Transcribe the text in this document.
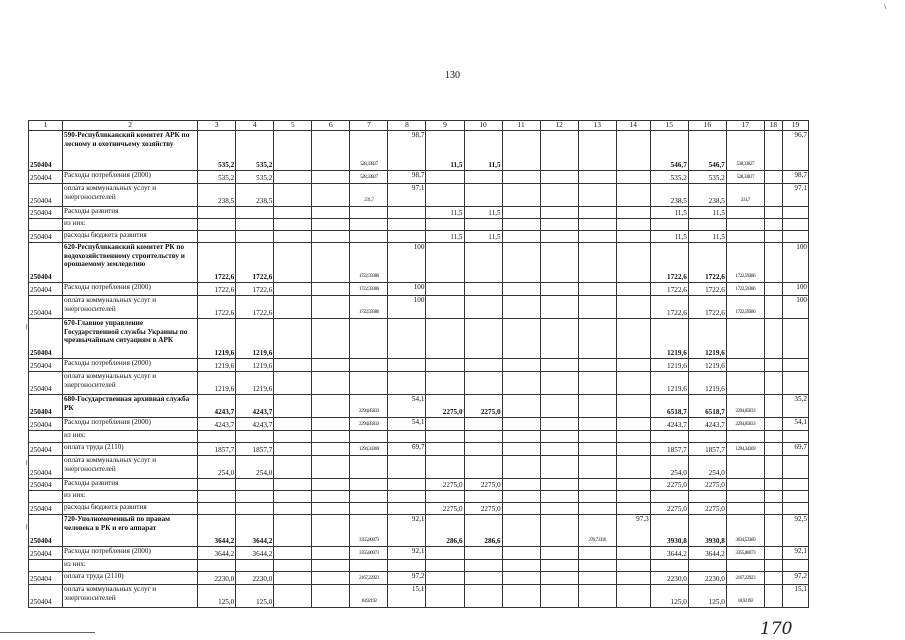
\
130
╷
╷
╷
1	2	3	4	5	6	7	8	9	10	11	12	13	14	15	16	17	18	19
250404	590-Республиканский комитет АРК по лесному и охотничьему хозяйству	535,2	535,2			528,33827	98,7	11,5	11,5					546,7	546,7	538,33827		96,7
250404	Расходы потребления (2000)	535,2	535,2			528,33827	98,7							535,2	535,2	528,33827		98,7
250404	оплата коммунальных услуг и энергоносителей	238,5	238,5			231,7	97,1							238,5	238,5	231,7		97,1
250404	Расходы развития							11,5	11,5					11,5	11,5			
	из них:																	
250404	расходы бюджета развития							11,5	11,5					11,5	11,5			
250404	620-Республиканский комитет РК по водохозяйственному строительству и орошаемому земледелию	1722,6	1722,6			1722,59386	100							1722,6	1722,6	1722,59386		100
250404	Расходы потребления (2000)	1722,6	1722,6			1722,59386	100							1722,6	1722,6	1722,59386		100
250404	оплата коммунальных услуг и энергоносителей	1722,6	1722,6			1722,59386	100							1722,6	1722,6	1722,59386		100
250404	670-Главное управление Государственной службы Украины по чрезвычайным ситуациям в АРК	1219,6	1219,6											1219,6	1219,6			
250404	Расходы потребления (2000)	1219,6	1219,6											1219,6	1219,6			
250404	оплата коммунальных услуг и энергоносителей	1219,6	1219,6											1219,6	1219,6			
250404	680-Государственная архивная служба РК	4243,7	4243,7			2294,85833	54,1	2275,0	2275,0					6518,7	6518,7	2294,85833		35,2
250404	Расходы потребления (2000)	4243,7	4243,7			2294,85833	54,1							4243,7	4243,7	2294,85833		54,1
	из них:																	
250404	оплата труда (2110)	1857,7	1857,7			1294,34369	69,7							1857,7	1857,7	1294,34369		69,7
250404	оплата коммунальных услуг и энергоносителей	254,0	254,0											254,0	254,0			
250404	Расходы развития							2275,0	2275,0					2275,0	2275,0			
	из них:																	
250404	расходы бюджета развития							2275,0	2275,0					2275,0	2275,0			
250404	720-Уполномоченный по правам человека в РК и его аппарат	3644,2	3644,2			3355,80073	92,1	286,6	286,6			278,73316	97,3	3930,8	3930,8	3634,53389		92,5
250404	Расходы потребления (2000)	3644,2	3644,2			3355,80073	92,1							3644,2	3644,2	3355,80073		92,1
	из них:																	
250404	оплата труда (2110)	2230,0	2230,0			2167,22923	97,2							2230,0	2230,0	2167,22923		97,2
250404	оплата коммунальных услуг и энергоносителей	125,0	125,0			18,92192	15,1							125,0	125,0	18,92192		15,1
170
